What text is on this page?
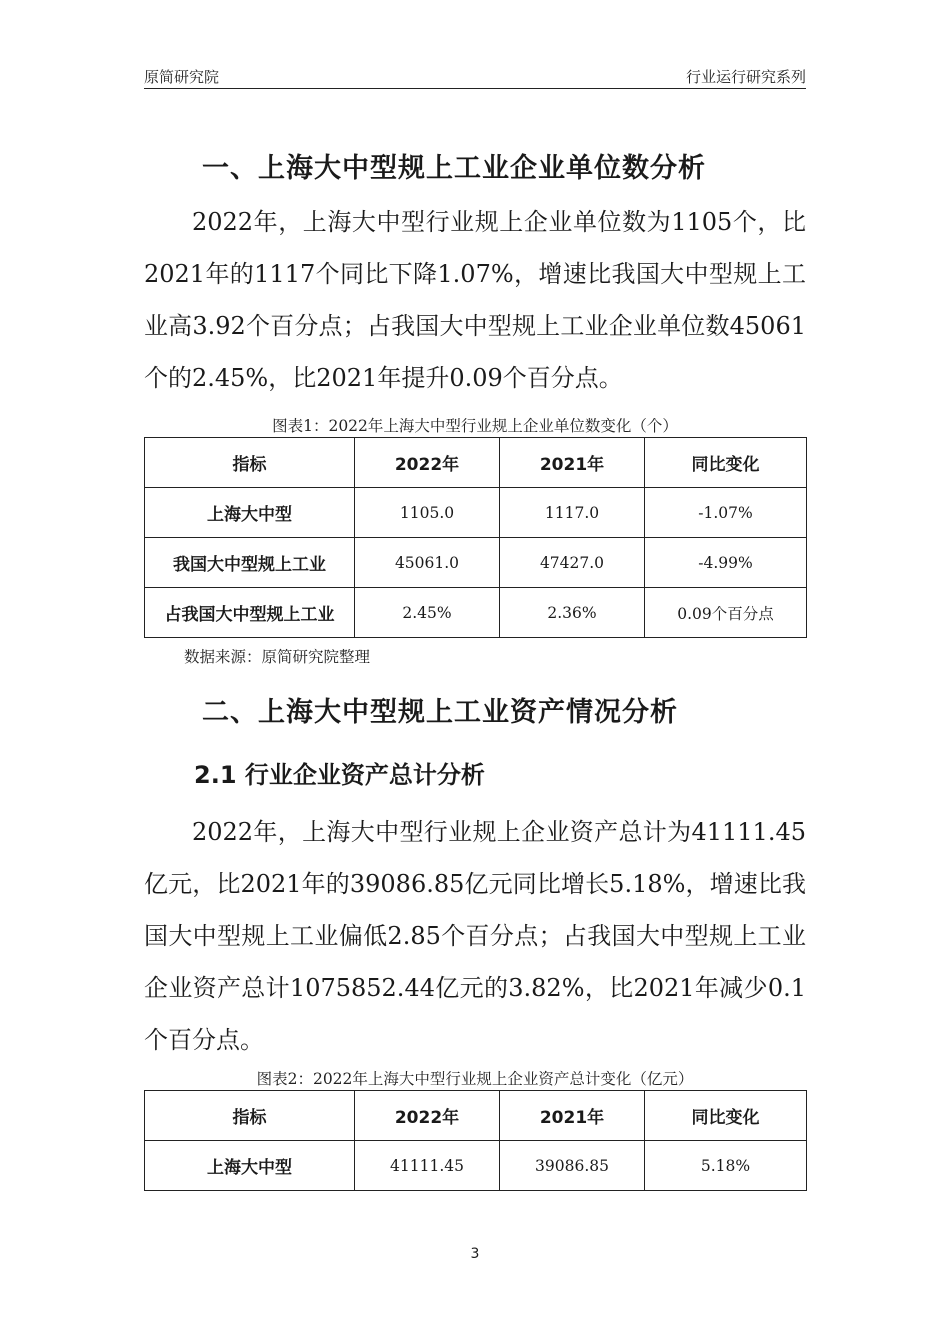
原简研究院	行业运行研究系列
一、上海大中型规上工业企业单位数分析
2022年，上海大中型行业规上企业单位数为1105个，比2021年的1117个同比下降1.07%，增速比我国大中型规上工业高3.92个百分点；占我国大中型规上工业企业单位数45061个的2.45%，比2021年提升0.09个百分点。
图表1：2022年上海大中型行业规上企业单位数变化（个）
指标	2022年	2021年	同比变化
上海大中型	1105.0	1117.0	-1.07%
我国大中型规上工业	45061.0	47427.0	-4.99%
占我国大中型规上工业	2.45%	2.36%	0.09个百分点
数据来源：原简研究院整理
二、上海大中型规上工业资产情况分析
2.1 行业企业资产总计分析
2022年，上海大中型行业规上企业资产总计为41111.45亿元，比2021年的39086.85亿元同比增长5.18%，增速比我国大中型规上工业偏低2.85个百分点；占我国大中型规上工业企业资产总计1075852.44亿元的3.82%，比2021年减少0.1个百分点。
图表2：2022年上海大中型行业规上企业资产总计变化（亿元）
指标	2022年	2021年	同比变化
上海大中型	41111.45	39086.85	5.18%
3
